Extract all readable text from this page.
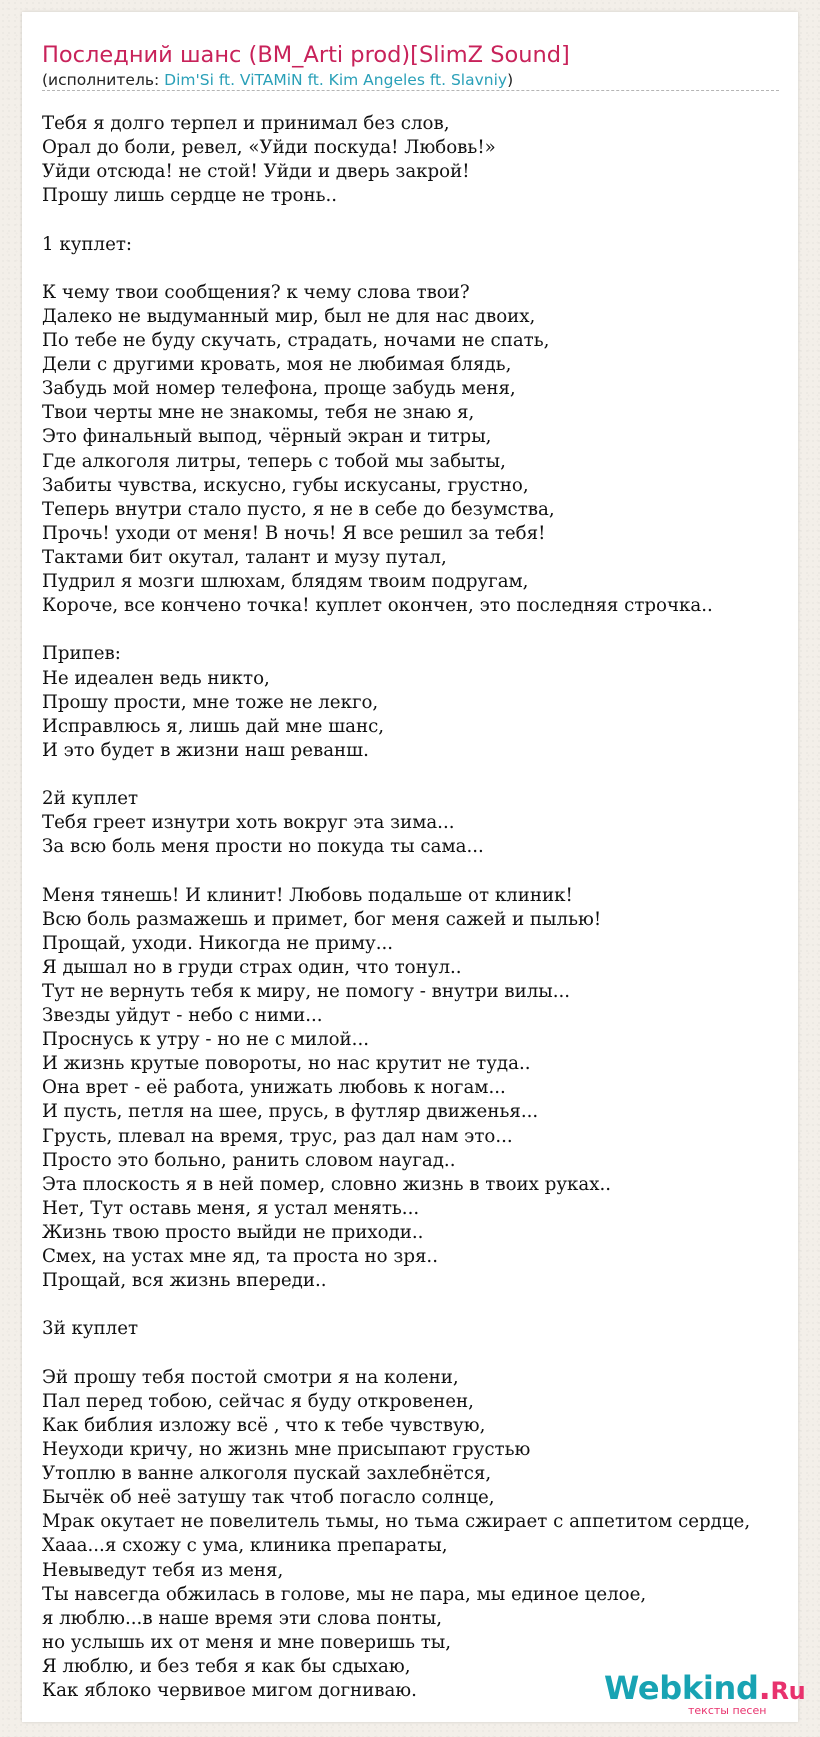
Последний шанс (BM_Arti prod)[SlimZ Sound]
(исполнитель: Dim'Si ft. ViTAMiN ft. Kim Angeles ft. Slavniy)
Тебя я долго терпел и принимал без слов,
Орал до боли, ревел, «Уйди поскуда! Любовь!»
Уйди отсюда! не стой! Уйди и дверь закрой!
Прошу лишь сердце не тронь..
1 куплет:
К чему твои сообщения? к чему слова твои?
Далеко не выдуманный мир, был не для нас двоих,
По тебе не буду скучать, страдать, ночами не спать,
Дели с другими кровать, моя не любимая блядь,
Забудь мой номер телефона, проще забудь меня,
Твои черты мне не знакомы, тебя не знаю я,
Это финальный выпод, чёрный экран и титры,
Где алкоголя литры, теперь с тобой мы забыты,
Забиты чувства, искусно, губы искусаны, грустно,
Теперь внутри стало пусто, я не в себе до безумства,
Прочь! уходи от меня! В ночь! Я все решил за тебя!
Тактами бит окутал, талант и музу путал,
Пудрил я мозги шлюхам, блядям твоим подругам,
Короче, все кончено точка! куплет окончен, это последняя строчка..
Припев:
Не идеален ведь никто,
Прошу прости, мне тоже не лекго,
Исправлюсь я, лишь дай мне шанс,
И это будет в жизни наш реванш.
2й куплет
Тебя греет изнутри хоть вокруг эта зима...
За всю боль меня прости но покуда ты сама...
Меня тянешь! И клинит! Любовь подальше от клиник!
Всю боль размажешь и примет, бог меня сажей и пылью!
Прощай, уходи. Никогда не приму...
Я дышал но в груди страх один, что тонул..
Тут не вернуть тебя к миру, не помогу - внутри вилы...
Звезды уйдут - небо с ними...
Проснусь к утру - но не с милой...
И жизнь крутые повороты, но нас крутит не туда..
Она врет - её работа, унижать любовь к ногам...
И пусть, петля на шее, прусь, в футляр движенья...
Грусть, плевал на время, трус, раз дал нам это...
Просто это больно, ранить словом наугад..
Эта плоскость я в ней помер, словно жизнь в твоих руках..
Нет, Тут оставь меня, я устал менять...
Жизнь твою просто выйди не приходи..
Смех, на устах мне яд, та проста но зря..
Прощай, вся жизнь впереди..
3й куплет
Эй прошу тебя постой смотри я на колени,
Пал перед тобою, сейчас я буду откровенен,
Как библия изложу всё , что к тебе чувствую,
Неуходи кричу, но жизнь мне присыпают грустью
Утоплю в ванне алкоголя пускай захлебнётся,
Бычёк об неё затушу так чтоб погасло солнце,
Мрак окутает не повелитель тьмы, но тьма сжирает с аппетитом сердце,
Хааа...я схожу с ума, клиника препараты,
Невыведут тебя из меня,
Ты навсегда обжилась в голове, мы не пара, мы единое целое,
я люблю...в наше время эти слова понты,
но услышь их от меня и мне поверишь ты,
Я люблю, и без тебя я как бы сдыхаю,
Как яблоко червивое мигом догниваю.	Webkind.Ru
тексты песен
